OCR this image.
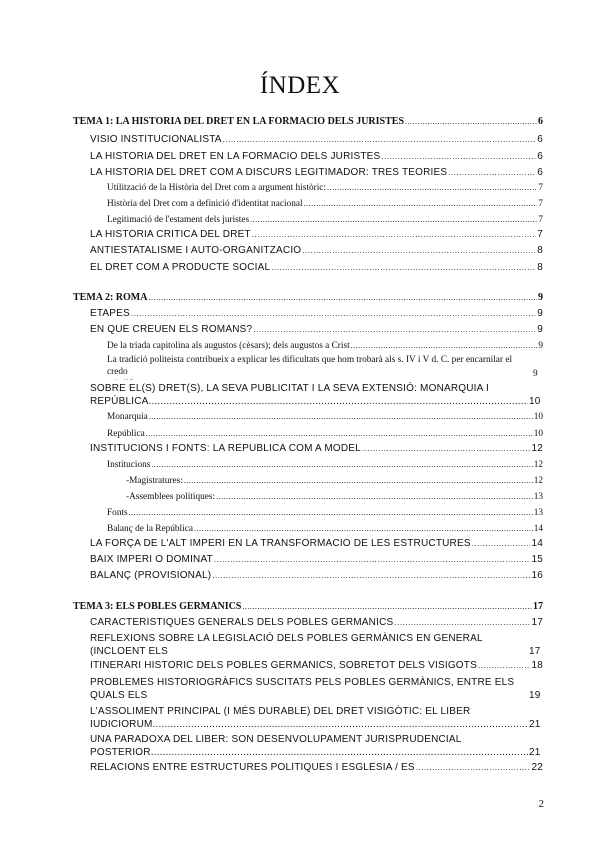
ÍNDEX
TEMA 1: LA HISTÒRIA DEL DRET EN LA FORMACIÓ DELS JURISTES .....	6
VISIÓ INSTITUCIONALISTA .....	6
LA HISTÒRIA DEL DRET EN LA FORMACIÓ DELS JURISTES .....	6
LA HISTÒRIA DEL DRET COM A DISCURS LEGITIMADOR: TRES TEORIES .....	6
Utilització de la Història del Dret com a argument històric: .....	7
Història del Dret com a definició d'identitat nacional .....	7
Legitimació de l'estament dels juristes .....	7
LA HISTÒRIA CRÍTICA DEL DRET .....	7
ANTIESTATALISME I AUTO-ORGANITZACIÓ .....	8
EL DRET COM A PRODUCTE SOCIAL .....	8
TEMA 2: ROMA .....	9
ETAPES .....	9
EN QUÈ CREUEN ELS ROMANS? .....	9
De la triada capitolina als augustos (cèsars); dels augustos a Crist .....	9
La tradició politeista contribueix a explicar les dificultats que hom trobarà als s. IV i V d. C. per encarnilar el credo .....	9
SOBRE EL(S) DRET(S), LA SEVA PUBLICITAT I LA SEVA EXTENSIÓ: MONARQUIA I REPÚBLICA .....	10
Monarquia .....	10
República .....	10
INSTITUCIONS I FONTS: LA REPÚBLICA COM A MODEL .....	12
Institucions .....	12
-Magistratures: .....	12
-Assemblees polítiques: .....	13
Fonts .....	13
Balanç de la República .....	14
LA FORÇA DE L'ALT IMPERI EN LA TRANSFORMACIÓ DE LES ESTRUCTURES .....	14
BAIX IMPERI O DOMINAT .....	15
BALANÇ (PROVISIONAL) .....	16
TEMA 3: ELS POBLES GERMÀNICS .....	17
CARACTERÍSTIQUES GENERALS DELS POBLES GERMÀNICS .....	17
REFLEXIONS SOBRE LA LEGISLACIÓ DELS POBLES GERMÀNICS EN GENERAL (INCLOENT ELS	17
ITINERARI HISTÒRIC DELS POBLES GERMÀNICS, SOBRETOT DELS VISIGOTS .....	18
PROBLEMES HISTORIOGRÀFICS SUSCITATS PELS POBLES GERMÀNICS, ENTRE ELS QUALS ELS	19
L'ASSOLIMENT PRINCIPAL (I MÉS DURABLE) DEL DRET VISIGÒTIC: EL LIBER IUDICIORUM .....	21
UNA PARADOXA DEL LIBER: SON DESENVOLUPAMENT JURISPRUDENCIAL POSTERIOR .....	21
RELACIONS ENTRE ESTRUCTURES POLÍTIQUES I ESGLÉSIA / ES .....	22
2
